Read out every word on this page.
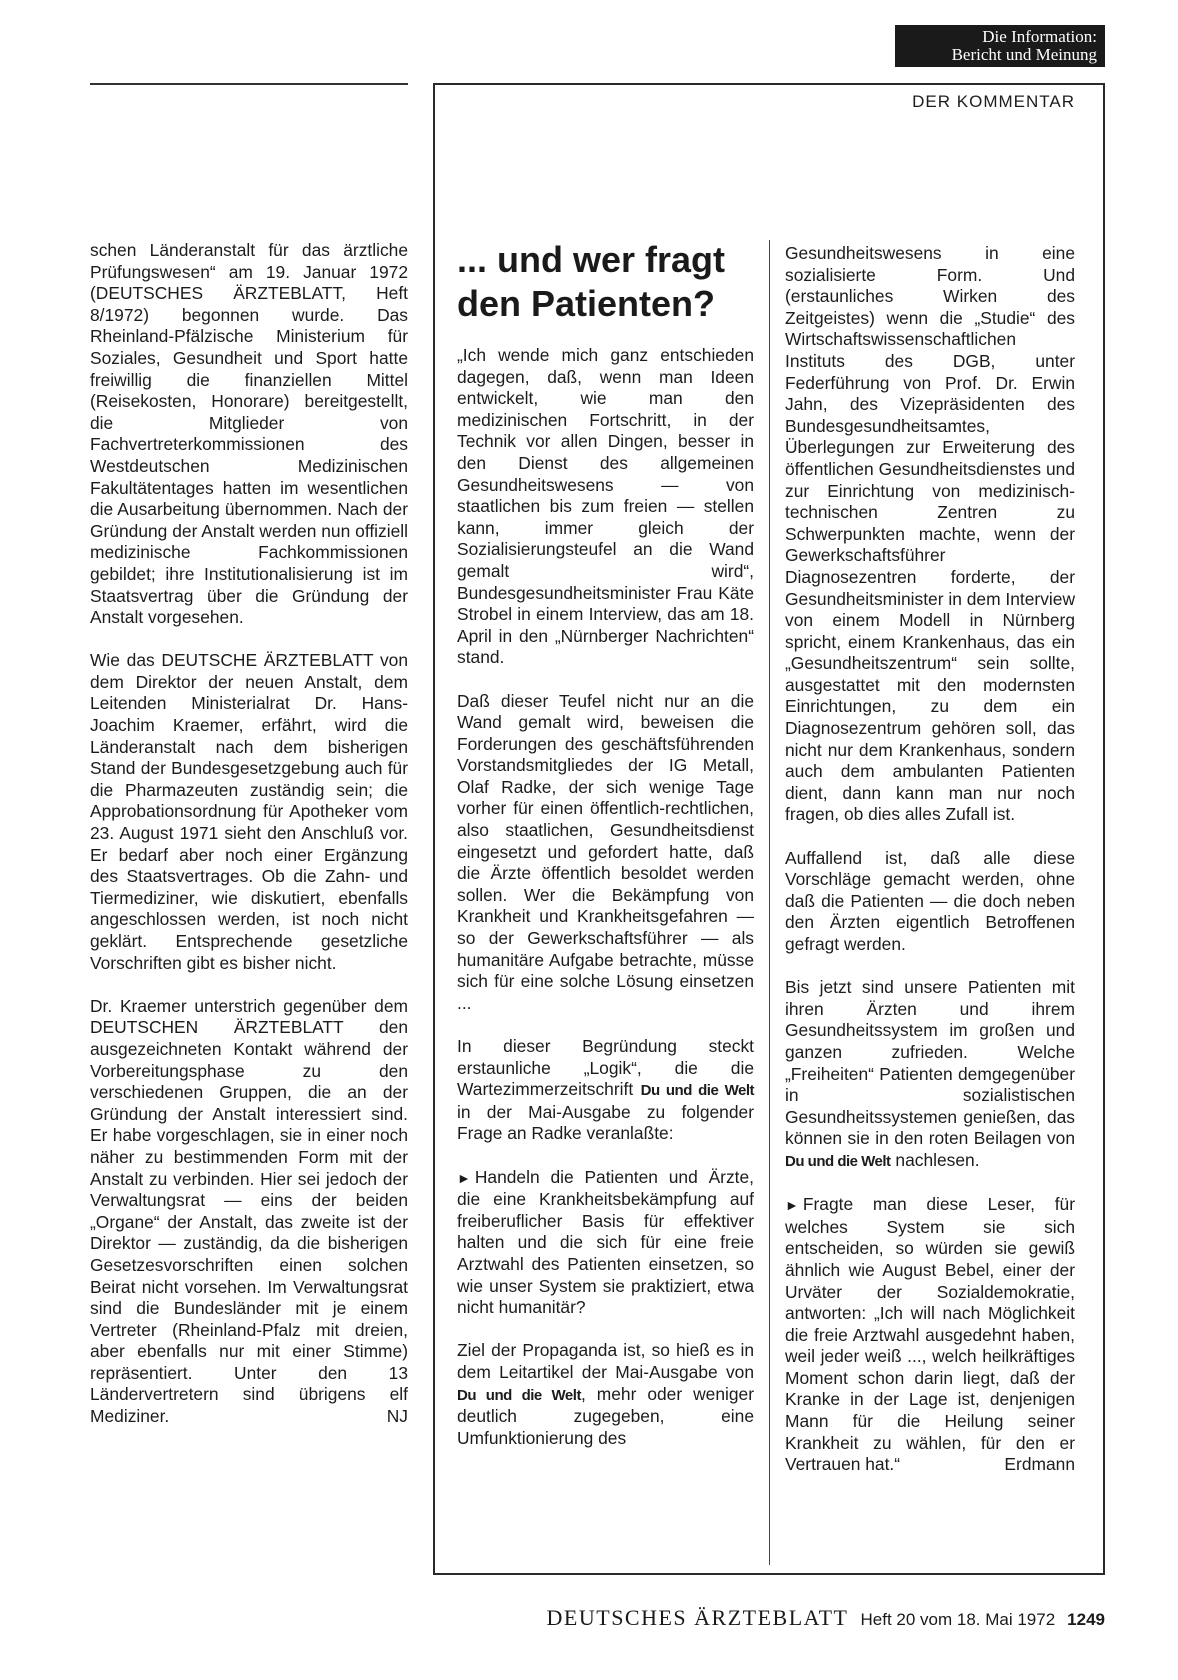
Die Information:
Bericht und Meinung
DER KOMMENTAR

schen Länderanstalt für das ärztliche Prüfungswesen“ am 19. Januar 1972 (DEUTSCHES ÄRZTEBLATT, Heft 8/1972) begonnen wurde. Das Rheinland-Pfälzische Ministerium für Soziales, Gesundheit und Sport hatte freiwillig die finanziellen Mittel (Reisekosten, Honorare) bereitgestellt, die Mitglieder von Fachvertreterkommissionen des Westdeutschen Medizinischen Fakultätentages hatten im wesentlichen die Ausarbeitung übernommen. Nach der Gründung der Anstalt werden nun offiziell medizinische Fachkommissionen gebildet; ihre Institutionalisierung ist im Staatsvertrag über die Gründung der Anstalt vorgesehen.

Wie das DEUTSCHE ÄRZTEBLATT von dem Direktor der neuen Anstalt, dem Leitenden Ministerialrat Dr. Hans-Joachim Kraemer, erfährt, wird die Länderanstalt nach dem bisherigen Stand der Bundesgesetzgebung auch für die Pharmazeuten zuständig sein; die Approbationsordnung für Apotheker vom 23. August 1971 sieht den Anschluß vor. Er bedarf aber noch einer Ergänzung des Staatsvertrages. Ob die Zahn- und Tiermediziner, wie diskutiert, ebenfalls angeschlossen werden, ist noch nicht geklärt. Entsprechende gesetzliche Vorschriften gibt es bisher nicht.

Dr. Kraemer unterstrich gegenüber dem DEUTSCHEN ÄRZTEBLATT den ausgezeichneten Kontakt während der Vorbereitungsphase zu den verschiedenen Gruppen, die an der Gründung der Anstalt interessiert sind. Er habe vorgeschlagen, sie in einer noch näher zu bestimmenden Form mit der Anstalt zu verbinden. Hier sei jedoch der Verwaltungsrat — eins der beiden „Organe“ der Anstalt, das zweite ist der Direktor — zuständig, da die bisherigen Gesetzesvorschriften einen solchen Beirat nicht vorsehen. Im Verwaltungsrat sind die Bundesländer mit je einem Vertreter (Rheinland-Pfalz mit dreien, aber ebenfalls nur mit einer Stimme) repräsentiert. Unter den 13 Ländervertretern sind übrigens elf Mediziner.	NJ

... und wer fragt den Patienten?

„Ich wende mich ganz entschieden dagegen, daß, wenn man Ideen entwickelt, wie man den medizinischen Fortschritt, in der Technik vor allen Dingen, besser in den Dienst des allgemeinen Gesundheitswesens — von staatlichen bis zum freien — stellen kann, immer gleich der Sozialisierungsteufel an die Wand gemalt wird“, Bundesgesundheitsminister Frau Käte Strobel in einem Interview, das am 18. April in den „Nürnberger Nachrichten“ stand.

Daß dieser Teufel nicht nur an die Wand gemalt wird, beweisen die Forderungen des geschäftsführenden Vorstandsmitgliedes der IG Metall, Olaf Radke, der sich wenige Tage vorher für einen öffentlich-rechtlichen, also staatlichen, Gesundheitsdienst eingesetzt und gefordert hatte, daß die Ärzte öffentlich besoldet werden sollen. Wer die Bekämpfung von Krankheit und Krankheitsgefahren — so der Gewerkschaftsführer — als humanitäre Aufgabe betrachte, müsse sich für eine solche Lösung einsetzen ...

In dieser Begründung steckt erstaunliche „Logik“, die die Wartezimmerzeitschrift Du und die Welt in der Mai-Ausgabe zu folgender Frage an Radke veranlaßte:

► Handeln die Patienten und Ärzte, die eine Krankheitsbekämpfung auf freiberuflicher Basis für effektiver halten und die sich für eine freie Arztwahl des Patienten einsetzen, so wie unser System sie praktiziert, etwa nicht humanitär?

Ziel der Propaganda ist, so hieß es in dem Leitartikel der Mai-Ausgabe von Du und die Welt, mehr oder weniger deutlich zugegeben, eine Umfunktionierung des

Gesundheitswesens in eine sozialisierte Form. Und (erstaunliches Wirken des Zeitgeistes) wenn die „Studie“ des Wirtschaftswissenschaftlichen Instituts des DGB, unter Federführung von Prof. Dr. Erwin Jahn, des Vizepräsidenten des Bundesgesundheitsamtes, Überlegungen zur Erweiterung des öffentlichen Gesundheitsdienstes und zur Einrichtung von medizinisch-technischen Zentren zu Schwerpunkten machte, wenn der Gewerkschaftsführer Diagnosezentren forderte, der Gesundheitsminister in dem Interview von einem Modell in Nürnberg spricht, einem Krankenhaus, das ein „Gesundheitszentrum“ sein sollte, ausgestattet mit den modernsten Einrichtungen, zu dem ein Diagnosezentrum gehören soll, das nicht nur dem Krankenhaus, sondern auch dem ambulanten Patienten dient, dann kann man nur noch fragen, ob dies alles Zufall ist.

Auffallend ist, daß alle diese Vorschläge gemacht werden, ohne daß die Patienten — die doch neben den Ärzten eigentlich Betroffenen gefragt werden.

Bis jetzt sind unsere Patienten mit ihren Ärzten und ihrem Gesundheitssystem im großen und ganzen zufrieden. Welche „Freiheiten“ Patienten demgegenüber in sozialistischen Gesundheitssystemen genießen, das können sie in den roten Beilagen von Du und die Welt nachlesen.

► Fragte man diese Leser, für welches System sie sich entscheiden, so würden sie gewiß ähnlich wie August Bebel, einer der Urväter der Sozialdemokratie, antworten: „Ich will nach Möglichkeit die freie Arztwahl ausgedehnt haben, weil jeder weiß ..., welch heilkräftiges Moment schon darin liegt, daß der Kranke in der Lage ist, denjenigen Mann für die Heilung seiner Krankheit zu wählen, für den er Vertrauen hat.“	Erdmann

DEUTSCHES ÄRZTEBLATT Heft 20 vom 18. Mai 1972 1249
